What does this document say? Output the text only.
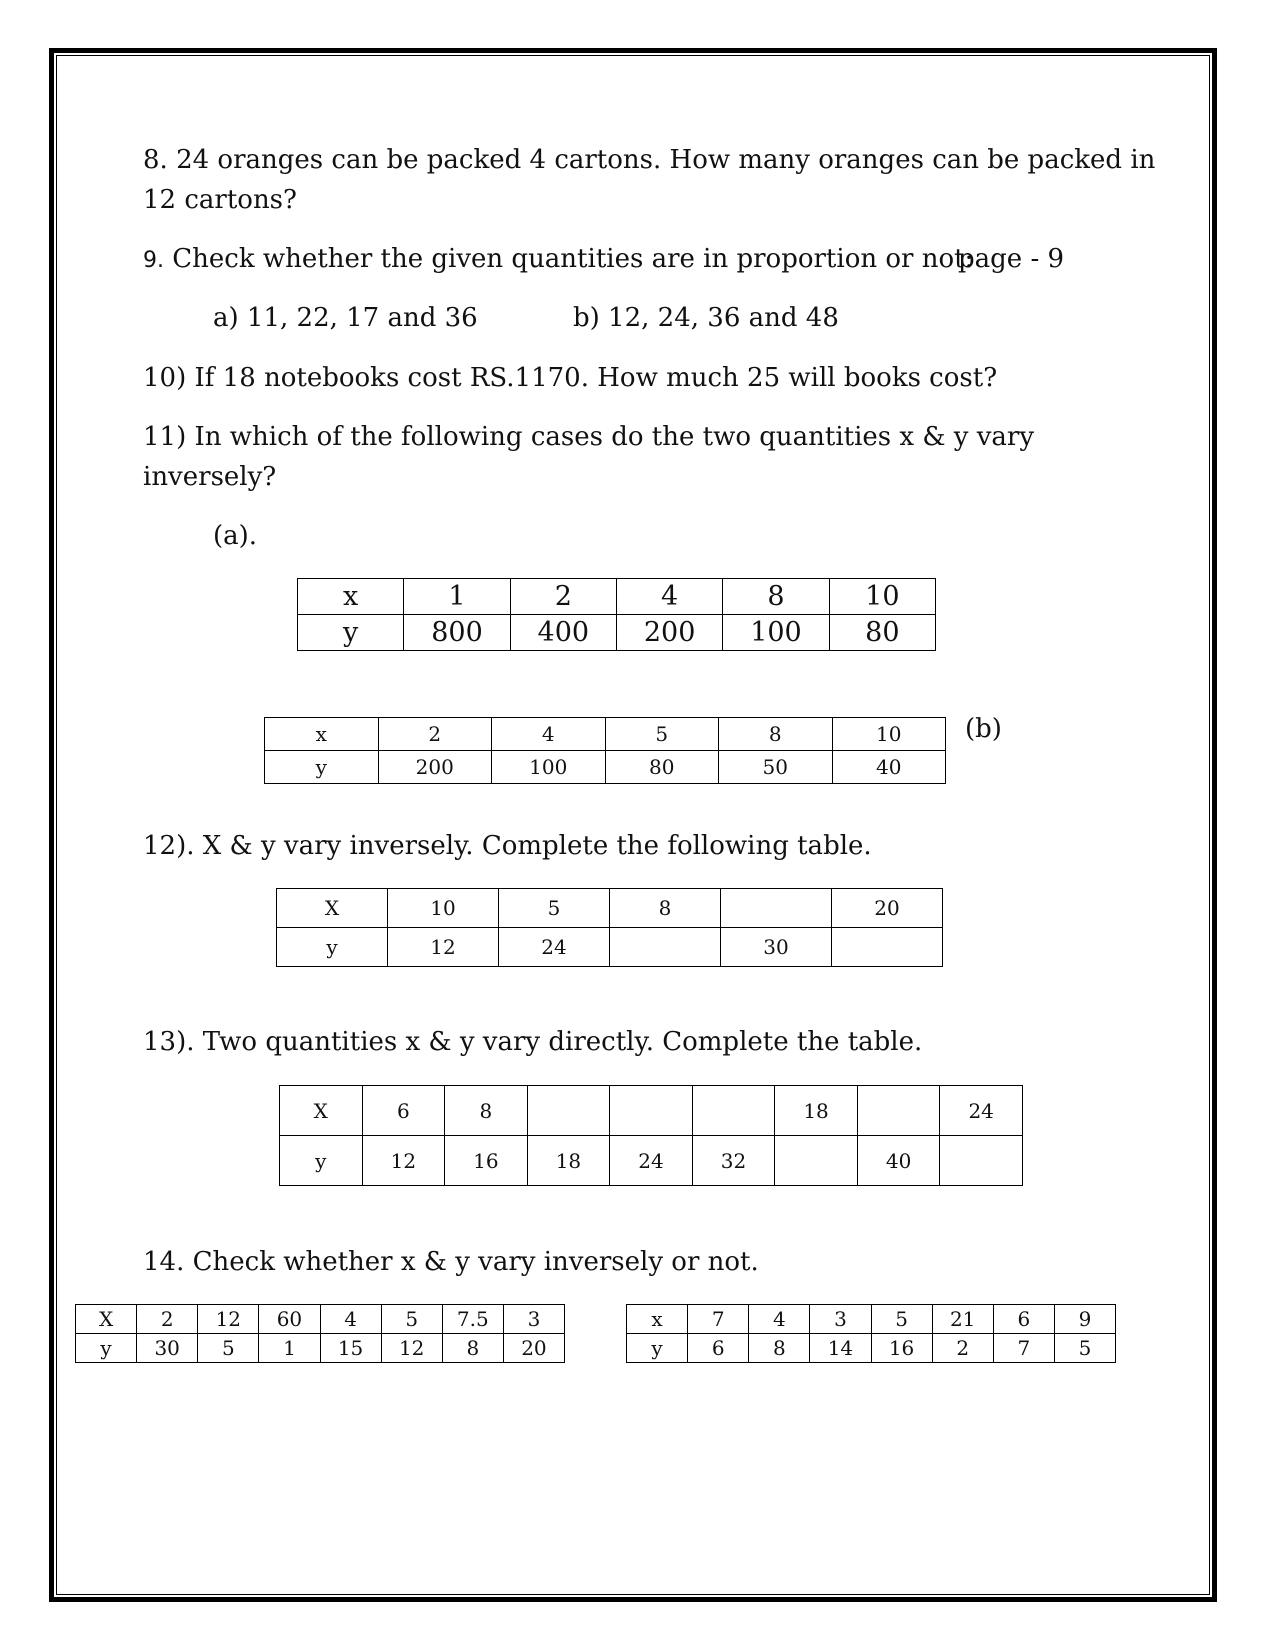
8. 24 oranges can be packed 4 cartons. How many oranges can be packed in
12 cartons?
9. Check whether the given quantities are in proportion or not:
page - 9
a) 11, 22, 17 and 36	b) 12, 24, 36 and 48
10) If 18 notebooks cost RS.1170. How much 25 will books cost?
11) In which of the following cases do the two quantities x & y vary
inversely?
(a).
x	1	2	4	8	10
y	800	400	200	100	80
x	2	4	5	8	10
y	200	100	80	50	40
(b)
12). X & y vary inversely. Complete the following table.
X	10	5	8		20
y	12	24		30	
13). Two quantities x & y vary directly. Complete the table.
X	6	8				18		24
y	12	16	18	24	32		40	
14. Check whether x & y vary inversely or not.
X	2	12	60	4	5	7.5	3
y	30	5	1	15	12	8	20
x	7	4	3	5	21	6	9
y	6	8	14	16	2	7	5
